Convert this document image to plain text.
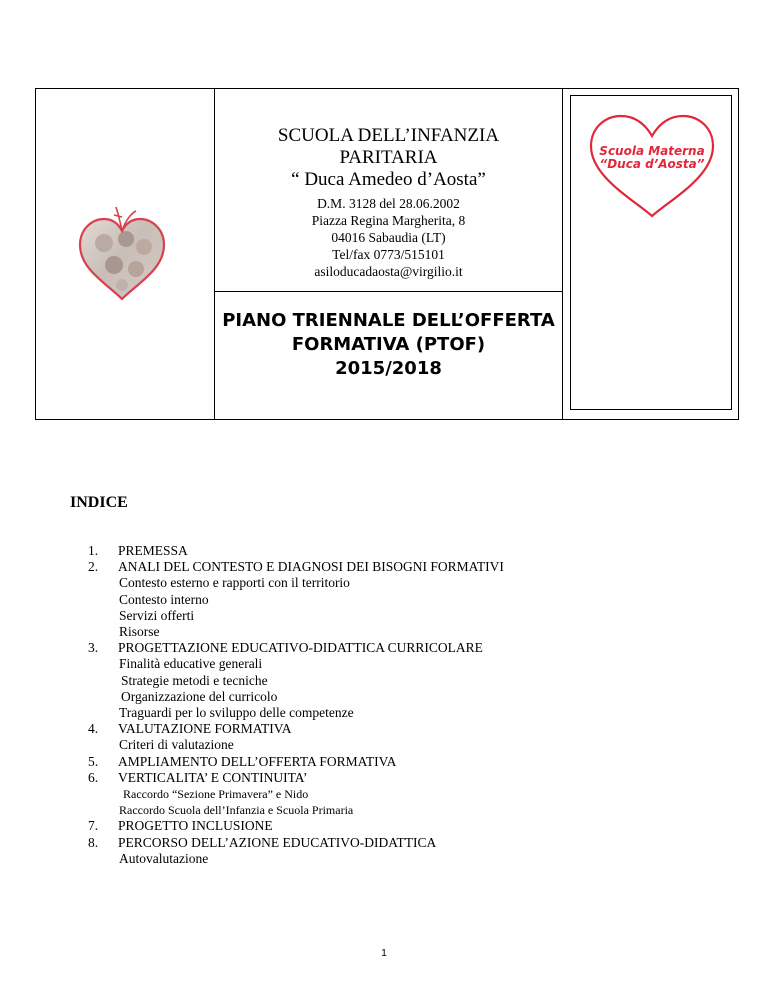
SCUOLA DELL’INFANZIA

PARITARIA

“ Duca Amedeo d’Aosta”

D.M. 3128 del 28.06.2002

Piazza Regina Margherita, 8

04016 Sabaudia (LT)

Tel/fax 0773/515101

asiloducadaosta@virgilio.it

PIANO TRIENNALE DELL’OFFERTA
FORMATIVA (PTOF)
2015/2018
Scuola Materna
“Duca d’Aosta”
INDICE
1. PREMESSA
2. ANALI DEL CONTESTO E DIAGNOSI DEI BISOGNI FORMATIVI
Contesto esterno e rapporti con il territorio
Contesto interno
Servizi offerti
Risorse
3. PROGETTAZIONE EDUCATIVO-DIDATTICA CURRICOLARE
Finalità educative generali
Strategie metodi e tecniche
Organizzazione del curricolo
Traguardi per lo sviluppo delle competenze
4. VALUTAZIONE FORMATIVA
Criteri di valutazione
5. AMPLIAMENTO DELL’OFFERTA FORMATIVA
6. VERTICALITA’ E CONTINUITA’
Raccordo “Sezione Primavera” e Nido
Raccordo Scuola dell’Infanzia e Scuola Primaria
7. PROGETTO INCLUSIONE
8. PERCORSO DELL’AZIONE EDUCATIVO-DIDATTICA
Autovalutazione
1
